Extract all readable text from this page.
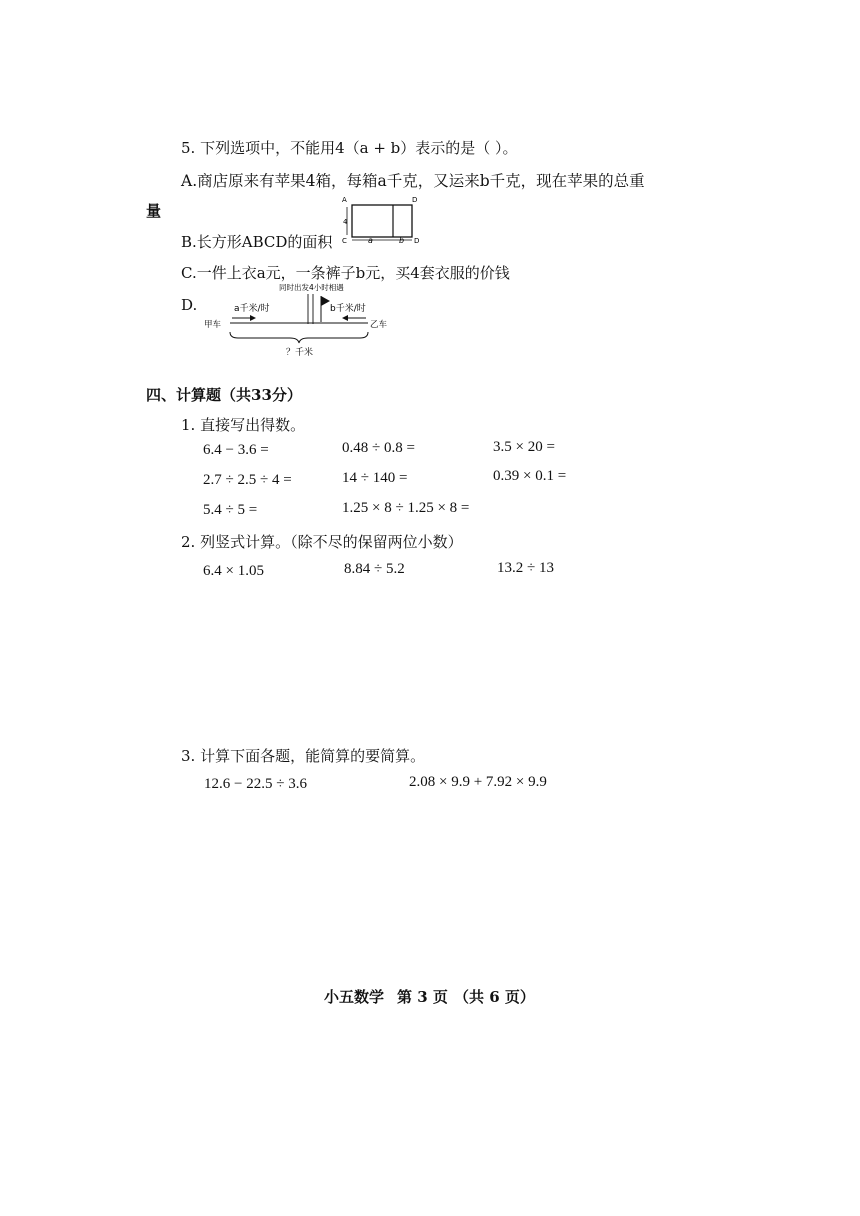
5. 下列选项中，不能用4（a + b）表示的是（ ）。
A.商店原来有苹果4箱，每箱a千克，又运来b千克，现在苹果的总重
量
B.长方形ABCD的面积
A	D
4
C	a	b D
C.一件上衣a元，一条裤子b元，买4套衣服的价钱
D.
同时出发4小时相遇
a千米/时	b千米/时
甲车	乙车
？千米
四、计算题（共33分）
1. 直接写出得数。
6.4 − 3.6 =	0.48 ÷ 0.8 =	3.5 × 20 =
2.7 ÷ 2.5 ÷ 4 =	14 ÷ 140 =	0.39 × 0.1 =
5.4 ÷ 5 =	1.25 × 8 ÷ 1.25 × 8 =
2. 列竖式计算。（除不尽的保留两位小数）
6.4 × 1.05	8.84 ÷ 5.2	13.2 ÷ 13
3. 计算下面各题，能简算的要简算。
12.6 − 22.5 ÷ 3.6	2.08 × 9.9 + 7.92 × 9.9
小五数学 第 3 页 （共 6 页）
